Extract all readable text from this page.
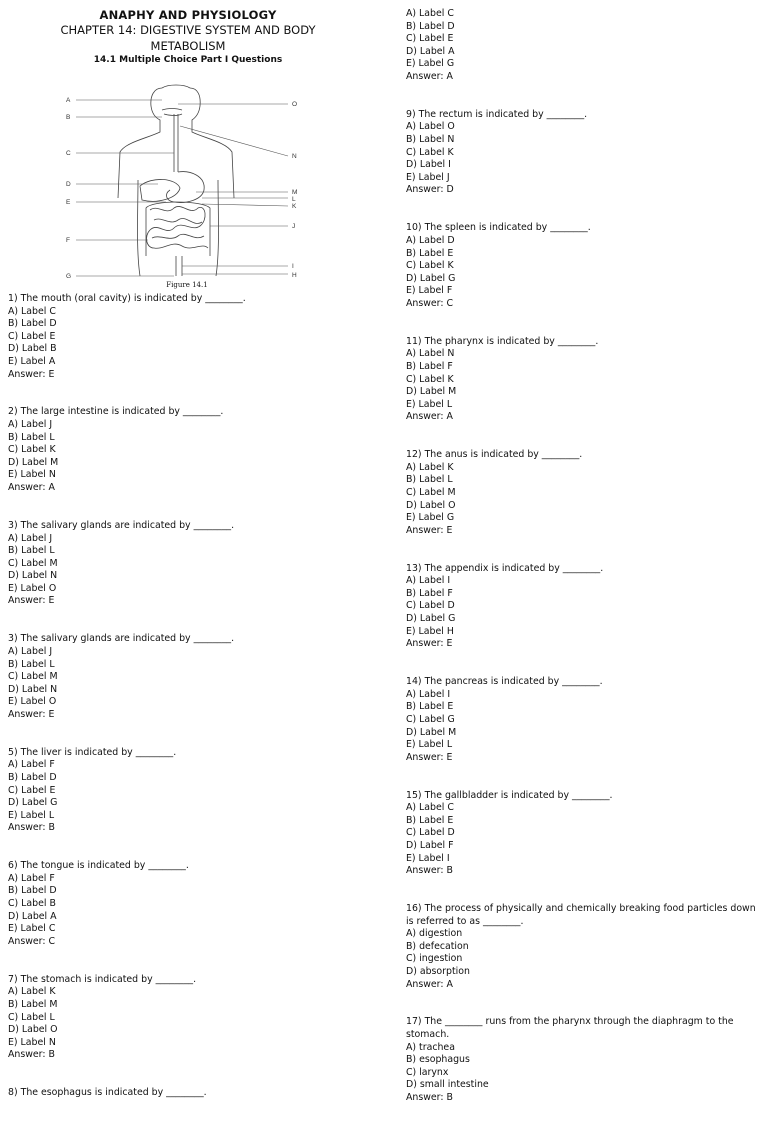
ANAPHY AND PHYSIOLOGY
CHAPTER 14: DIGESTIVE SYSTEM AND BODY
METABOLISM
14.1 Multiple Choice Part I Questions
A
B
C
D
E
F
G
O
N
M
L
K
J
I
H
Figure 14.1
1) The mouth (oral cavity) is indicated by ________.
A) Label C
B) Label D
C) Label E
D) Label B
E) Label A
Answer: E
2) The large intestine is indicated by ________.
A) Label J
B) Label L
C) Label K
D) Label M
E) Label N
Answer: A
3) The salivary glands are indicated by ________.
A) Label J
B) Label L
C) Label M
D) Label N
E) Label O
Answer: E
3) The salivary glands are indicated by ________.
A) Label J
B) Label L
C) Label M
D) Label N
E) Label O
Answer: E
5) The liver is indicated by ________.
A) Label F
B) Label D
C) Label E
D) Label G
E) Label L
Answer: B
6) The tongue is indicated by ________.
A) Label F
B) Label D
C) Label B
D) Label A
E) Label C
Answer: C
7) The stomach is indicated by ________.
A) Label K
B) Label M
C) Label L
D) Label O
E) Label N
Answer: B
8) The esophagus is indicated by ________.
A) Label C
B) Label D
C) Label E
D) Label A
E) Label G
Answer: A
9) The rectum is indicated by ________.
A) Label O
B) Label N
C) Label K
D) Label I
E) Label J
Answer: D
10) The spleen is indicated by ________.
A) Label D
B) Label E
C) Label K
D) Label G
E) Label F
Answer: C
11) The pharynx is indicated by ________.
A) Label N
B) Label F
C) Label K
D) Label M
E) Label L
Answer: A
12) The anus is indicated by ________.
A) Label K
B) Label L
C) Label M
D) Label O
E) Label G
Answer: E
13) The appendix is indicated by ________.
A) Label I
B) Label F
C) Label D
D) Label G
E) Label H
Answer: E
14) The pancreas is indicated by ________.
A) Label I
B) Label E
C) Label G
D) Label M
E) Label L
Answer: E
15) The gallbladder is indicated by ________.
A) Label C
B) Label E
C) Label D
D) Label F
E) Label I
Answer: B
16) The process of physically and chemically breaking food particles down is referred to as ________.
A) digestion
B) defecation
C) ingestion
D) absorption
Answer: A
17) The ________ runs from the pharynx through the diaphragm to the stomach.
A) trachea
B) esophagus
C) larynx
D) small intestine
Answer: B
